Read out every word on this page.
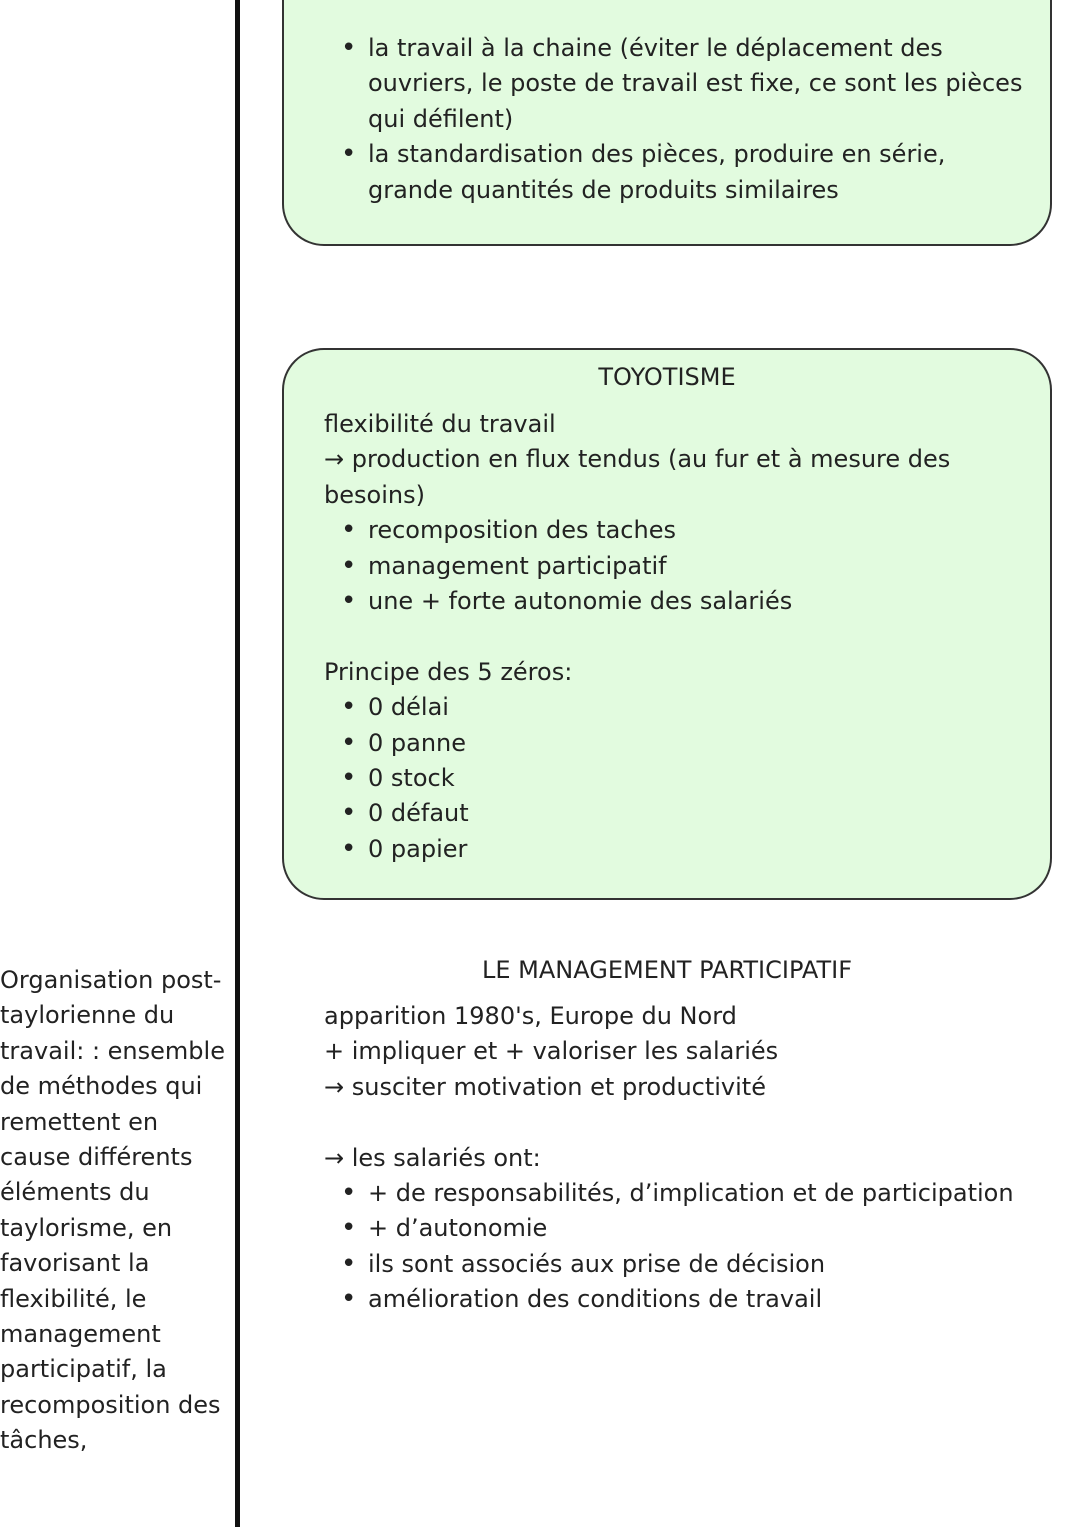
Organisation post-taylorienne du travail: : ensemble de méthodes qui remettent en cause différents éléments du taylorisme, en favorisant la flexibilité, le management participatif, la recomposition des tâches,
• la travail à la chaine (éviter le déplacement des ouvriers, le poste de travail est fixe, ce sont les pièces qui défilent)
• la standardisation des pièces, produire en série, grande quantités de produits similaires
TOYOTISME
flexibilité du travail
→ production en flux tendus (au fur et à mesure des besoins)
• recomposition des taches
• management participatif
• une + forte autonomie des salariés
Principe des 5 zéros:
• 0 délai
• 0 panne
• 0 stock
• 0 défaut
• 0 papier
LE MANAGEMENT PARTICIPATIF
apparition 1980's, Europe du Nord
+ impliquer et + valoriser les salariés
→ susciter motivation et productivité
→ les salariés ont:
• + de responsabilités, d’implication et de participation
• + d’autonomie
• ils sont associés aux prise de décision
• amélioration des conditions de travail
